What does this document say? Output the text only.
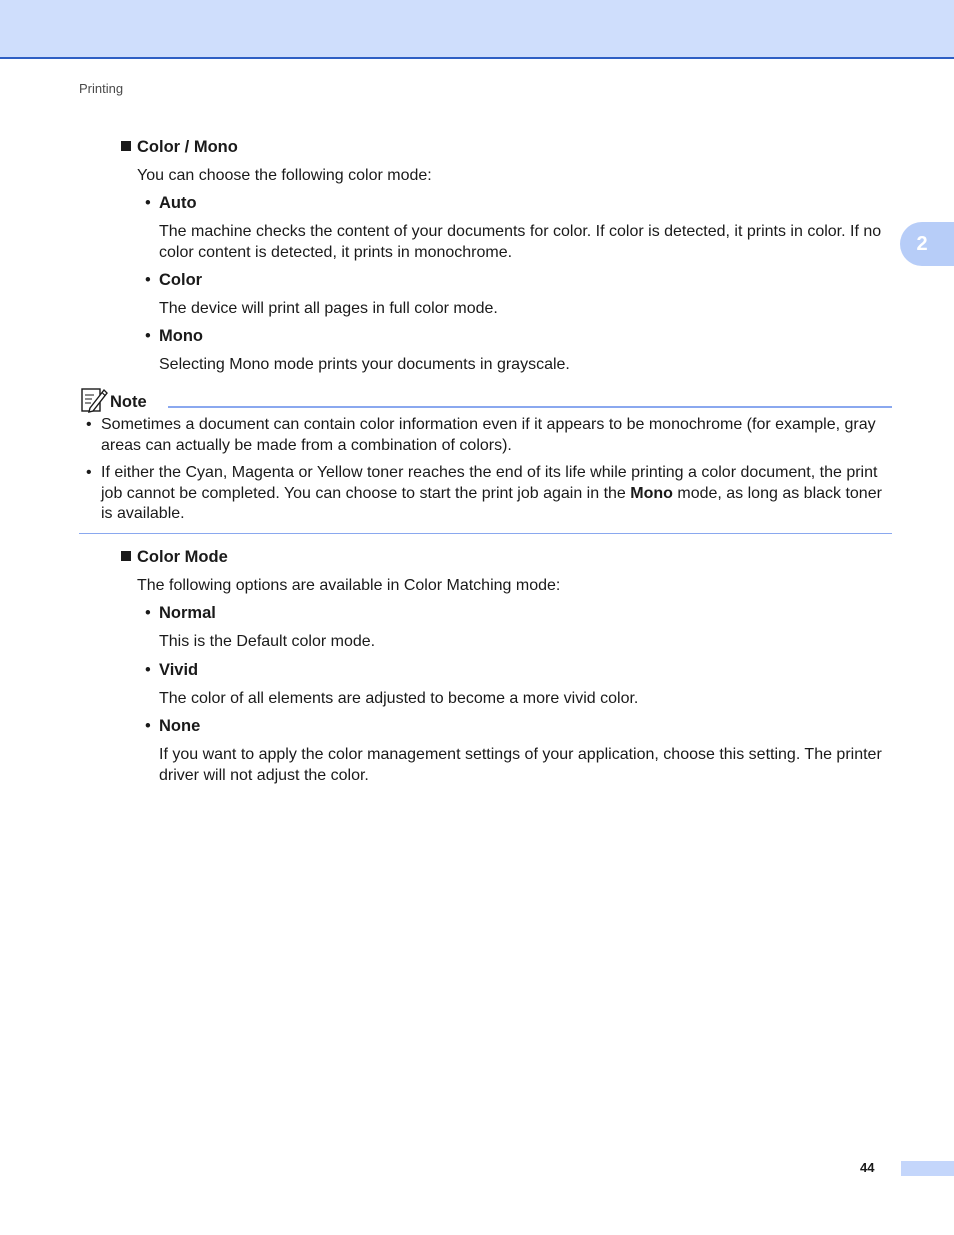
Printing
2
Color / Mono
You can choose the following color mode:
• Auto
The machine checks the content of your documents for color. If color is detected, it prints in color. If no color content is detected, it prints in monochrome.
• Color
The device will print all pages in full color mode.
• Mono
Selecting Mono mode prints your documents in grayscale.
Note
• Sometimes a document can contain color information even if it appears to be monochrome (for example, gray areas can actually be made from a combination of colors).
• If either the Cyan, Magenta or Yellow toner reaches the end of its life while printing a color document, the print job cannot be completed. You can choose to start the print job again in the Mono mode, as long as black toner is available.
Color Mode
The following options are available in Color Matching mode:
• Normal
This is the Default color mode.
• Vivid
The color of all elements are adjusted to become a more vivid color.
• None
If you want to apply the color management settings of your application, choose this setting. The printer driver will not adjust the color.
44
